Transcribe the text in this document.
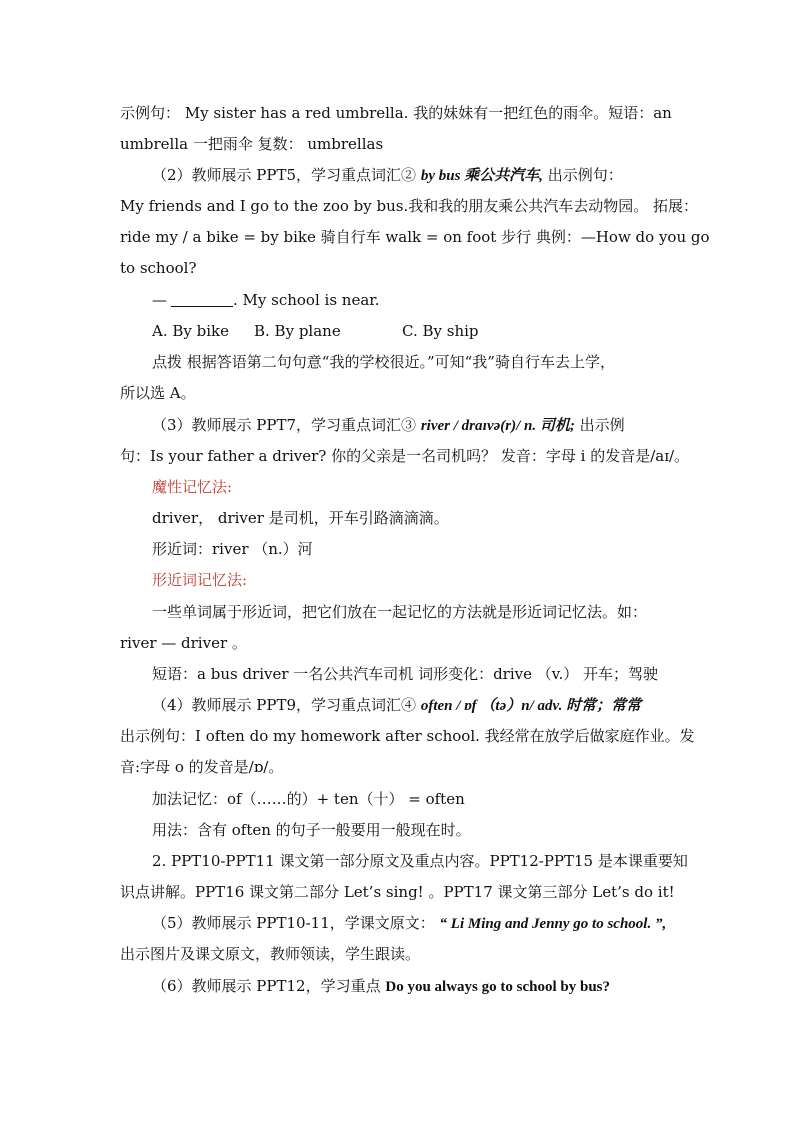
示例句： My sister has a red umbrella. 我的妹妹有一把红色的雨伞。短语：an
umbrella 一把雨伞 复数： umbrellas
（2）教师展示 PPT5，学习重点词汇② by bus 乘公共汽车, 出示例句：
My friends and I go to the zoo by bus.我和我的朋友乘公共汽车去动物园。 拓展：
ride my / a bike = by bike 骑自行车 walk = on foot 步行 典例：—How do you go
to school?
—	. My school is near.
A. By bike B. By plane	C. By ship
点拨 根据答语第二句句意“我的学校很近。”可知“我”骑自行车去上学，
所以选 A。
（3）教师展示 PPT7，学习重点词汇③ river / draɪvə(r)/ n. 司机; 出示例
句：Is your father a driver? 你的父亲是一名司机吗？ 发音：字母 i 的发音是/aɪ/。
魔性记忆法:
driver， driver 是司机，开车引路滴滴滴。
形近词：river （n.）河
形近词记忆法:
一些单词属于形近词，把它们放在一起记忆的方法就是形近词记忆法。如：
river — driver 。
短语：a bus driver 一名公共汽车司机 词形变化：drive （v.） 开车；驾驶
（4）教师展示 PPT9，学习重点词汇④ often / ɒf （tə）n/ adv. 时常；常常
出示例句：I often do my homework after school. 我经常在放学后做家庭作业。发
音:字母 o 的发音是/ɒ/。
加法记忆：of（……的）+ ten（十） = often
用法：含有 often 的句子一般要用一般现在时。
2. PPT10-PPT11 课文第一部分原文及重点内容。PPT12-PPT15 是本课重要知
识点讲解。PPT16 课文第二部分 Let’s sing! 。PPT17 课文第三部分 Let’s do it!
（5）教师展示 PPT10-11，学课文原文： “ Li Ming and Jenny go to school. ”,
出示图片及课文原文，教师领读，学生跟读。
（6）教师展示 PPT12，学习重点 Do you always go to school by bus?
